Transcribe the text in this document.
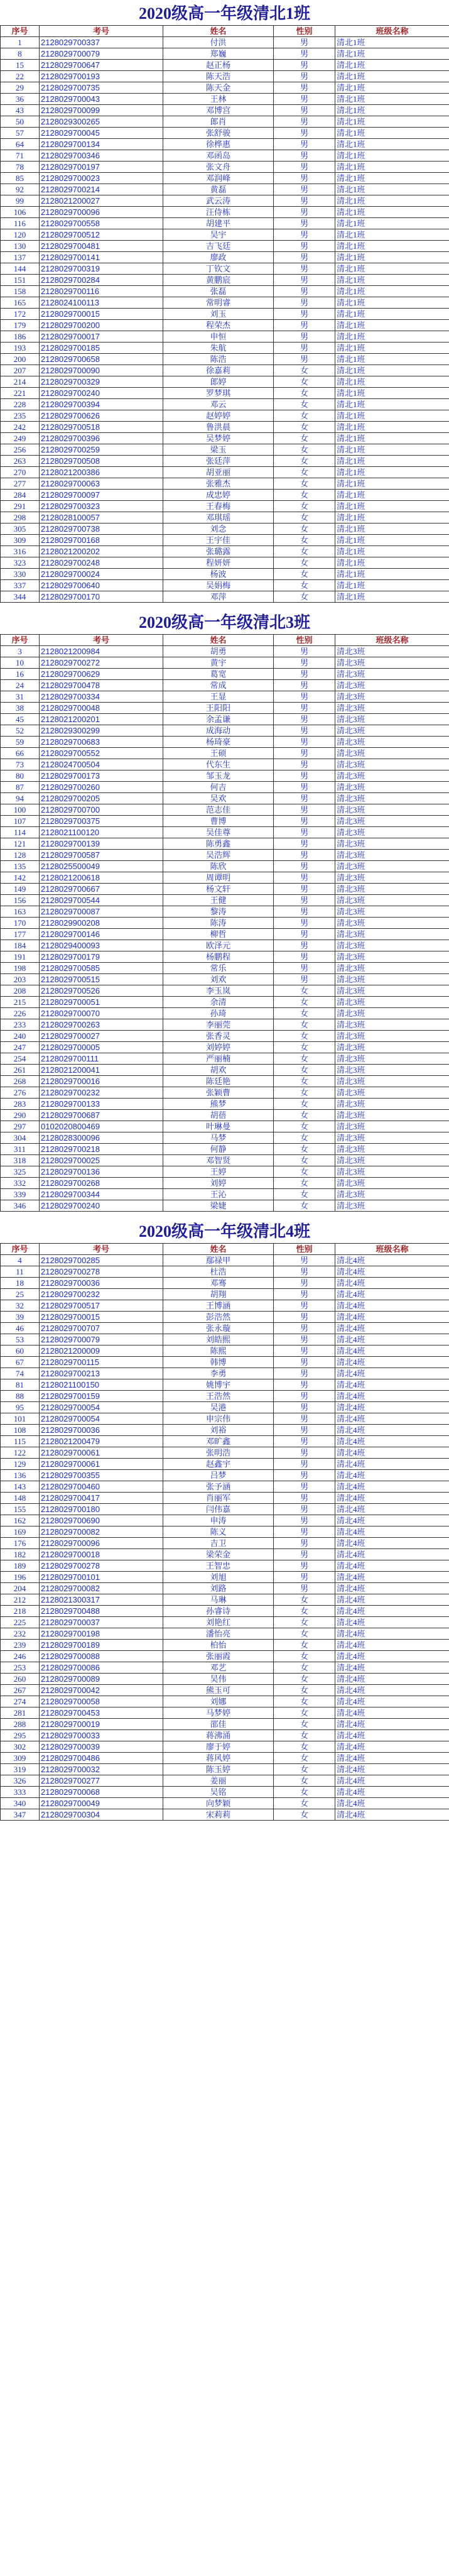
2020级高一年级清北1班
序号	考号	姓名	性别	班级名称
1	2128029700337	付洪	男	清北1班
8	2128029700079	郑巍	男	清北1班
15	2128029700647	赵正杨	男	清北1班
22	2128029700193	陈天浩	男	清北1班
29	2128029700735	陈天金	男	清北1班
36	2128029700043	王林	男	清北1班
43	2128029700099	邓博宫	男	清北1班
50	2128029300265	郎肖	男	清北1班
57	2128029700045	张舒骏	男	清北1班
64	2128029700134	徐桦惠	男	清北1班
71	2128029700346	邓函岛	男	清北1班
78	2128029700197	张文舟	男	清北1班
85	2128029700023	邓润峰	男	清北1班
92	2128029700214	黄磊	男	清北1班
99	2128021200027	武云涛	男	清北1班
106	2128029700096	汪侍栋	男	清北1班
116	2128029700558	胡建平	男	清北1班
120	2128029700512	吴宇	男	清北1班
130	2128029700481	吉飞廷	男	清北1班
137	2128029700141	廖政	男	清北1班
144	2128029700319	丁钦文	男	清北1班
151	2128029700284	黄鹏宸	男	清北1班
158	2128029700116	张磊	男	清北1班
165	2128024100113	常明睿	男	清北1班
172	2128029700015	刘玉	男	清北1班
179	2128029700200	程荣杰	男	清北1班
186	2128029700017	申恒	男	清北1班
193	2128029700185	朱航	男	清北1班
200	2128029700658	陈浩	男	清北1班
207	2128029700090	徐嘉莉	女	清北1班
214	2128029700329	郎婷	女	清北1班
221	2128029700240	罗梦琪	女	清北1班
228	2128029700394	邓云	女	清北1班
235	2128029700626	赵婷婷	女	清北1班
242	2128029700518	鲁洪晨	女	清北1班
249	2128029700396	吴梦婷	女	清北1班
256	2128029700259	梁玉	女	清北1班
263	2128029700508	张廷萍	女	清北1班
270	2128021200386	胡亚丽	女	清北1班
277	2128029700063	张雅杰	女	清北1班
284	2128029700097	成忠婷	女	清北1班
291	2128029700323	王春梅	女	清北1班
298	2128028100057	邓琪瑶	女	清北1班
305	2128029700738	刘念	女	清北1班
309	2128029700168	王宇佳	女	清北1班
316	2128021200202	张璐露	女	清北1班
323	2128029700248	程妍妍	女	清北1班
330	2128029700024	杨波	女	清北1班
337	2128029700640	吴娟梅	女	清北1班
344	2128029700170	邓萍	女	清北1班
2020级高一年级清北3班
序号	考号	姓名	性别	班级名称
3	2128021200984	胡勇	男	清北3班
10	2128029700272	黄宇	男	清北3班
16	2128029700629	葛宽	男	清北3班
24	2128029700478	常成	男	清北3班
31	2128029700334	王显	男	清北3班
38	2128029700048	王阳阳	男	清北3班
45	2128021200201	余孟谦	男	清北3班
52	2128029300299	成海动	男	清北3班
59	2128029700683	杨琦豪	男	清北3班
66	2128029700552	王硕	男	清北3班
73	2128024700504	代东生	男	清北3班
80	2128029700173	邹玉龙	男	清北3班
87	2128029700260	何吉	男	清北3班
94	2128029700205	吴欢	男	清北3班
100	2128029700700	范志佳	男	清北3班
107	2128029700375	曹博	男	清北3班
114	2128021100120	吴佳尊	男	清北3班
121	2128029700139	陈勇鑫	男	清北3班
128	2128029700587	吴浩辉	男	清北3班
135	2128025500049	陈欣	男	清北3班
142	2128021200618	周谭明	男	清北3班
149	2128029700667	杨文轩	男	清北3班
156	2128029700544	王健	男	清北3班
163	2128029700087	黎涛	男	清北3班
170	2128029900208	陈涛	男	清北3班
177	2128029700146	柳哲	男	清北3班
184	2128029400093	欧泽元	男	清北3班
191	2128029700179	杨鹏程	男	清北3班
198	2128029700585	常乐	男	清北3班
203	2128029700515	刘欢	男	清北3班
208	2128029700526	李玉岚	女	清北3班
215	2128029700051	余清	女	清北3班
226	2128029700070	孙琦	女	清北3班
233	2128029700263	李丽莞	女	清北3班
240	2128029700027	张香灵	女	清北3班
247	2128029700005	刘婷婷	女	清北3班
254	2128029700111	严丽楠	女	清北3班
261	2128021200041	胡欢	女	清北3班
268	2128029700016	陈廷艳	女	清北3班
276	2128029700232	张颖曹	女	清北3班
283	2128029700133	熊梦	女	清北3班
290	2128029700687	胡蓓	女	清北3班
297	0102020800469	叶琳曼	女	清北3班
304	2128028300096	马梦	女	清北3班
311	2128029700218	何静	女	清北3班
318	2128029700025	邓智贤	女	清北3班
325	2128029700136	王婷	女	清北3班
332	2128029700268	刘婷	女	清北3班
339	2128029700344	王沁	女	清北3班
346	2128029700240	梁婕	女	清北3班
2020级高一年级清北4班
序号	考号	姓名	性别	班级名称
4	2128029700285	鄢禄甲	男	清北4班
11	2128029700278	杜浩	男	清北4班
18	2128029700036	邓骞	男	清北4班
25	2128029700232	胡翔	男	清北4班
32	2128029700517	王博涵	男	清北4班
39	2128029700015	彭浩然	男	清北4班
46	2128029700707	张永璇	男	清北4班
53	2128029700079	刘皓熙	男	清北4班
60	2128021200009	陈熙	男	清北4班
67	2128029700115	韩博	男	清北4班
74	2128029700213	李勇	男	清北4班
81	2128021100150	姚博宇	男	清北4班
88	2128029700159	王浩然	男	清北4班
95	2128029700054	吴港	男	清北4班
101	2128029700054	申宗伟	男	清北4班
108	2128029700036	刘裕	男	清北4班
115	2128021200479	邓旷鑫	男	清北4班
122	2128029700061	张明浩	男	清北4班
129	2128029700061	赵鑫宇	男	清北4班
136	2128029700355	吕梦	男	清北4班
143	2128029700460	张予涵	男	清北4班
148	2128029700417	肖丽军	男	清北4班
155	2128029700180	闫伟嘉	男	清北4班
162	2128029700690	申涛	男	清北4班
169	2128029700082	陈义	男	清北4班
176	2128029700096	吉卫	男	清北4班
182	2128029700018	梁荣金	男	清北4班
189	2128029700278	王智忠	男	清北4班
196	2128029700101	刘旭	男	清北4班
204	2128029700082	刘路	男	清北4班
212	2128021300317	马琳	女	清北4班
218	2128029700488	孙睿诗	女	清北4班
225	2128029700037	刘艳红	女	清北4班
232	2128029700198	潘怡亮	女	清北4班
239	2128029700189	柏怡	女	清北4班
246	2128029700088	张丽霞	女	清北4班
253	2128029700086	邓艺	女	清北4班
260	2128029700089	吴伟	女	清北4班
267	2128029700042	熊玉可	女	清北4班
274	2128029700058	刘娜	女	清北4班
281	2128029700453	马梦婷	女	清北4班
288	2128029700019	邵佳	女	清北4班
295	2128029700033	蒋沸涌	女	清北4班
302	2128029700039	廖于婷	女	清北4班
309	2128029700486	蒋风婷	女	清北4班
319	2128029700032	陈玉婷	女	清北4班
326	2128029700277	姜丽	女	清北4班
333	2128029700068	吴铭	女	清北4班
340	2128029700049	向梦颖	女	清北4班
347	2128029700304	宋莉莉	女	清北4班
